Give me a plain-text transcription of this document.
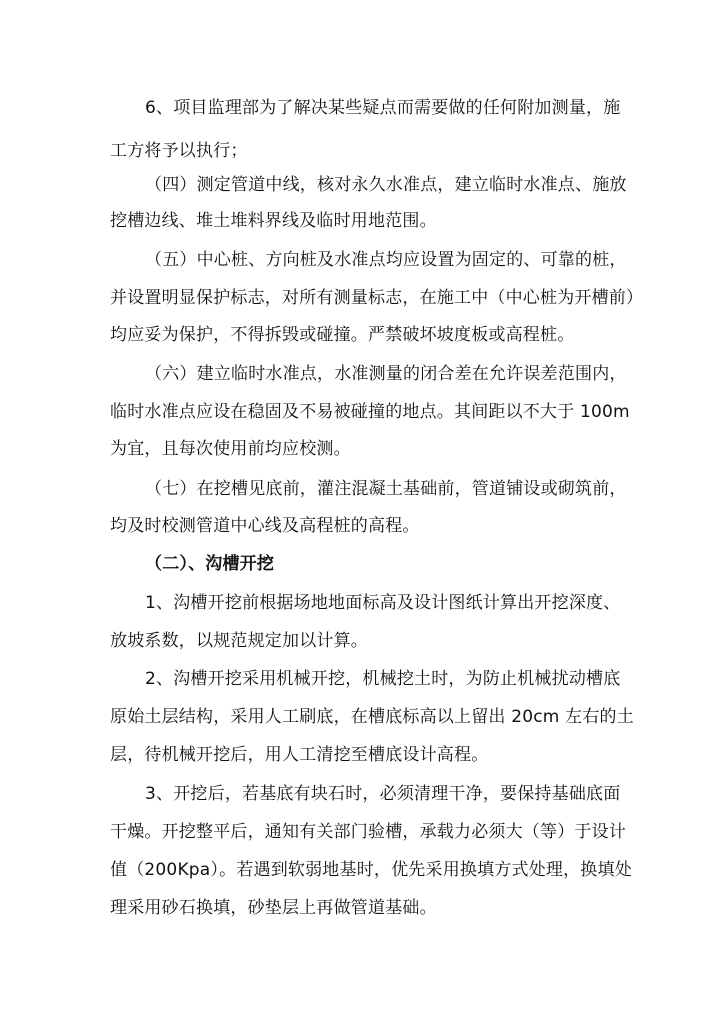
6、项目监理部为了解决某些疑点而需要做的任何附加测量，施
工方将予以执行；
（四）测定管道中线，核对永久水准点，建立临时水准点、施放
挖槽边线、堆土堆料界线及临时用地范围。
（五）中心桩、方向桩及水准点均应设置为固定的、可靠的桩，
并设置明显保护标志，对所有测量标志，在施工中（中心桩为开槽前）
均应妥为保护，不得拆毁或碰撞。严禁破坏坡度板或高程桩。
（六）建立临时水准点，水准测量的闭合差在允许误差范围内，
临时水准点应设在稳固及不易被碰撞的地点。其间距以不大于 100m
为宜，且每次使用前均应校测。
（七）在挖槽见底前，灌注混凝土基础前，管道铺设或砌筑前，
均及时校测管道中心线及高程桩的高程。
（二）、沟槽开挖
1、沟槽开挖前根据场地地面标高及设计图纸计算出开挖深度、
放坡系数，以规范规定加以计算。
2、沟槽开挖采用机械开挖，机械挖土时，为防止机械扰动槽底
原始土层结构，采用人工刷底，在槽底标高以上留出 20cm 左右的土
层，待机械开挖后，用人工清挖至槽底设计高程。
3、开挖后，若基底有块石时，必须清理干净，要保持基础底面
干燥。开挖整平后，通知有关部门验槽，承载力必须大（等）于设计
值（200Kpa）。若遇到软弱地基时，优先采用换填方式处理，换填处
理采用砂石换填，砂垫层上再做管道基础。
